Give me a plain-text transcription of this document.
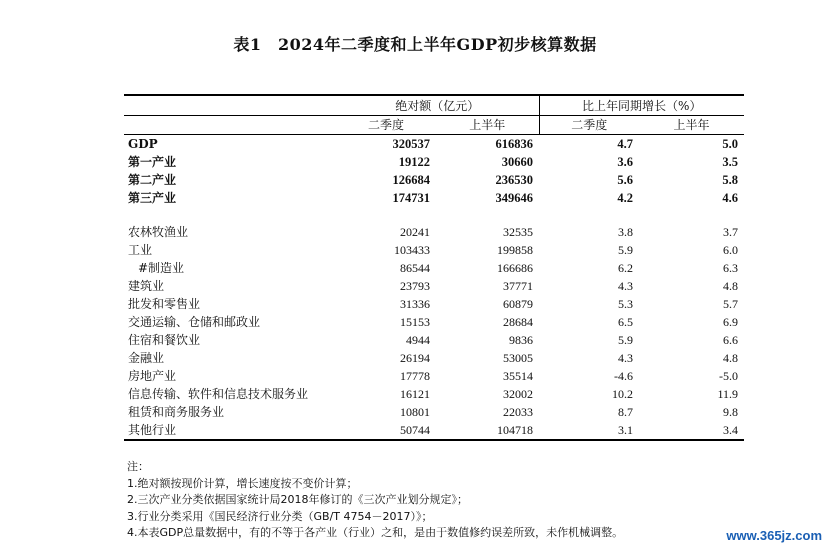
表1　2024年二季度和上半年GDP初步核算数据
	绝对额（亿元）		比上年同期增长（%）	
	二季度	上半年	二季度	上半年
GDP	320537	616836	4.7	5.0
第一产业	19122	30660	3.6	3.5
第二产业	126684	236530	5.6	5.8
第三产业	174731	349646	4.2	4.6

农林牧渔业	20241	32535	3.8	3.7
工业	103433	199858	5.9	6.0
#制造业	86544	166686	6.2	6.3
建筑业	23793	37771	4.3	4.8
批发和零售业	31336	60879	5.3	5.7
交通运输、仓储和邮政业	15153	28684	6.5	6.9
住宿和餐饮业	4944	9836	5.9	6.6
金融业	26194	53005	4.3	4.8
房地产业	17778	35514	-4.6	-5.0
信息传输、软件和信息技术服务业	16121	32002	10.2	11.9
租赁和商务服务业	10801	22033	8.7	9.8
其他行业	50744	104718	3.1	3.4
注：
1.绝对额按现价计算，增长速度按不变价计算；
2.三次产业分类依据国家统计局2018年修订的《三次产业划分规定》；
3.行业分类采用《国民经济行业分类（GB/T 4754－2017）》；
4.本表GDP总量数据中，有的不等于各产业（行业）之和，是由于数值修约误差所致，未作机械调整。	www.365jz.com
